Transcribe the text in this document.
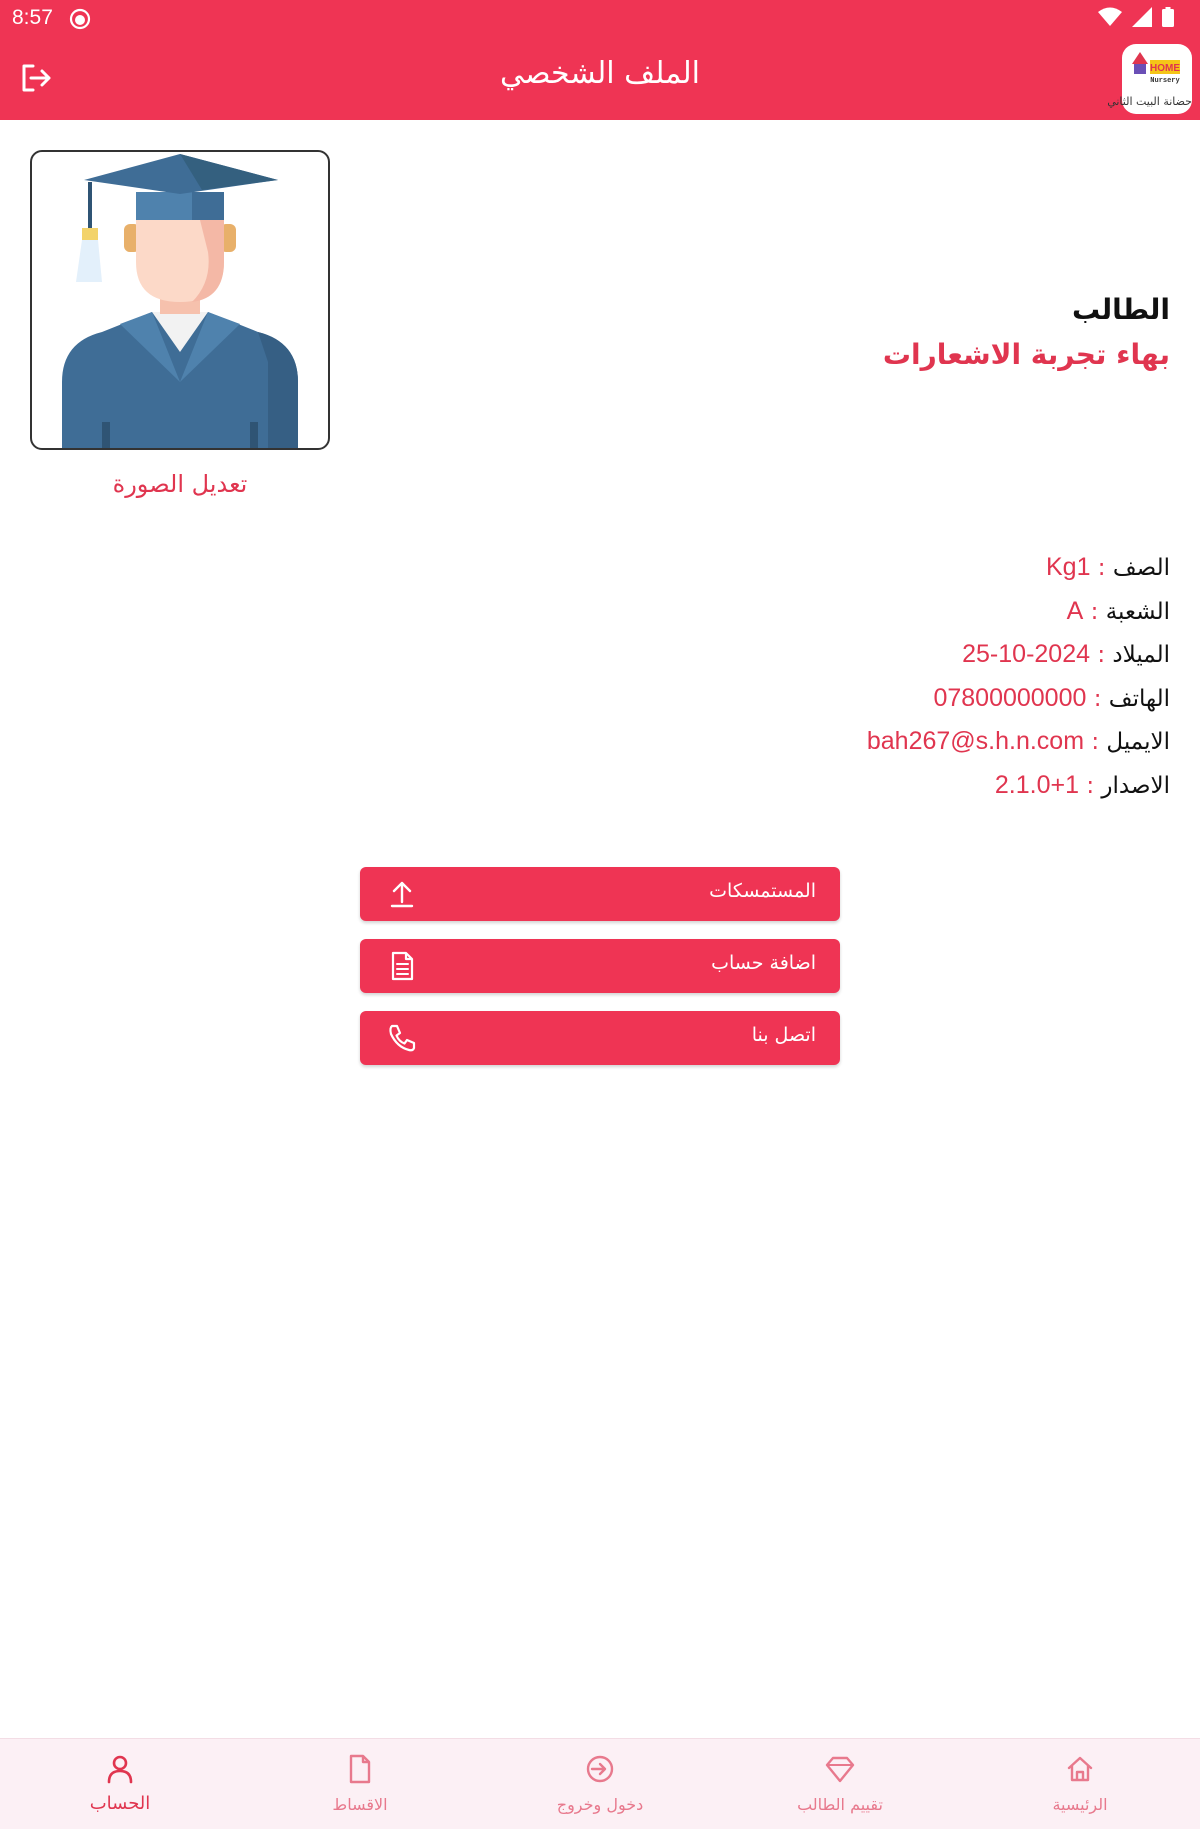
8:57
الملف الشخصي	HOME
Nursery
حضانة البيت الثاني
تعديل الصورة
الطالب
بهاء تجربة الاشعارات
الصف : Kg1
الشعبة : A
الميلاد : 25-10-2024
الهاتف : 07800000000
الايميل : bah267@s.h.n.com
الاصدار : 2.1.0+1
المستمسكات
اضافة حساب
اتصل بنا
الرئيسية
تقييم الطالب
دخول وخروج
الاقساط
الحساب
